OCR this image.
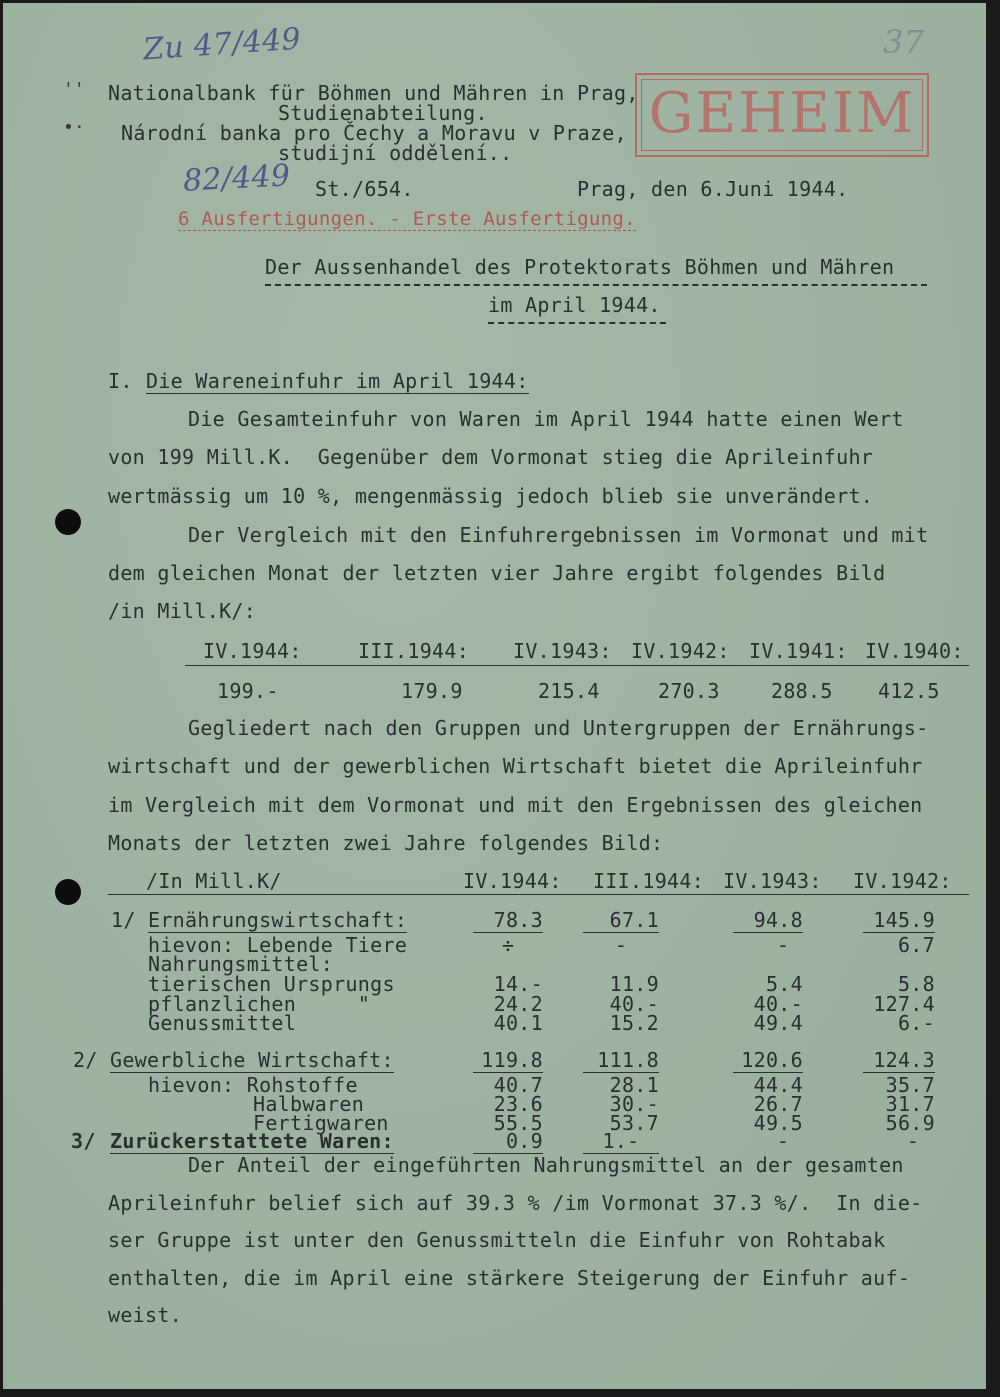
Zu 47/449	37
82/449
''
•·
Nationalbank für Böhmen und Mähren in Prag,
Studienabteilung.
Národní banka pro Čechy a Moravu v Praze,
studijní oddělení..
GEHEIM
St./654.	Prag, den 6.Juni 1944.
6 Ausfertigungen. - Erste Ausfertigung.
Der Aussenhandel des Protektorats Böhmen und Mähren
im April 1944.
I. Die Wareneinfuhr im April 1944:
Die Gesamteinfuhr von Waren im April 1944 hatte einen Wert
von 199 Mill.K.  Gegenüber dem Vormonat stieg die Aprileinfuhr
wertmässig um 10 %, mengenmässig jedoch blieb sie unverändert.
Der Vergleich mit den Einfuhrergebnissen im Vormonat und mit
dem gleichen Monat der letzten vier Jahre ergibt folgendes Bild
/in Mill.K/:
IV.1944:	III.1944: IV.1943: IV.1942: IV.1941: IV.1940:
199.-	179.9	215.4	270.3	288.5 412.5
Gegliedert nach den Gruppen und Untergruppen der Ernährungs-
wirtschaft und der gewerblichen Wirtschaft bietet die Aprileinfuhr
im Vergleich mit dem Vormonat und mit den Ergebnissen des gleichen
Monats der letzten zwei Jahre folgendes Bild:
/In Mill.K/	IV.1944: III.1944: IV.1943: IV.1942:
1/ Ernährungswirtschaft:	78.3	67.1	94.8	145.9
hievon: Lebende Tiere	÷	-	-	6.7
Nahrungsmittel:
tierischen Ursprungs	14.-	11.9	5.4	5.8
pflanzlichen     "	24.2	40.-	40.-	127.4
Genussmittel	40.1	15.2	49.4	6.-
2/ Gewerbliche Wirtschaft:	119.8	111.8	120.6	124.3
hievon: Rohstoffe	40.7	28.1	44.4	35.7
Halbwaren	23.6	30.-	26.7	31.7
Fertigwaren	55.5	53.7	49.5	56.9
3/ Zurückerstattete Waren:	0.9	1.-	-	-
Der Anteil der eingeführten Nahrungsmittel an der gesamten
Aprileinfuhr belief sich auf 39.3 % /im Vormonat 37.3 %/.  In die-
ser Gruppe ist unter den Genussmitteln die Einfuhr von Rohtabak
enthalten, die im April eine stärkere Steigerung der Einfuhr auf-
weist.
